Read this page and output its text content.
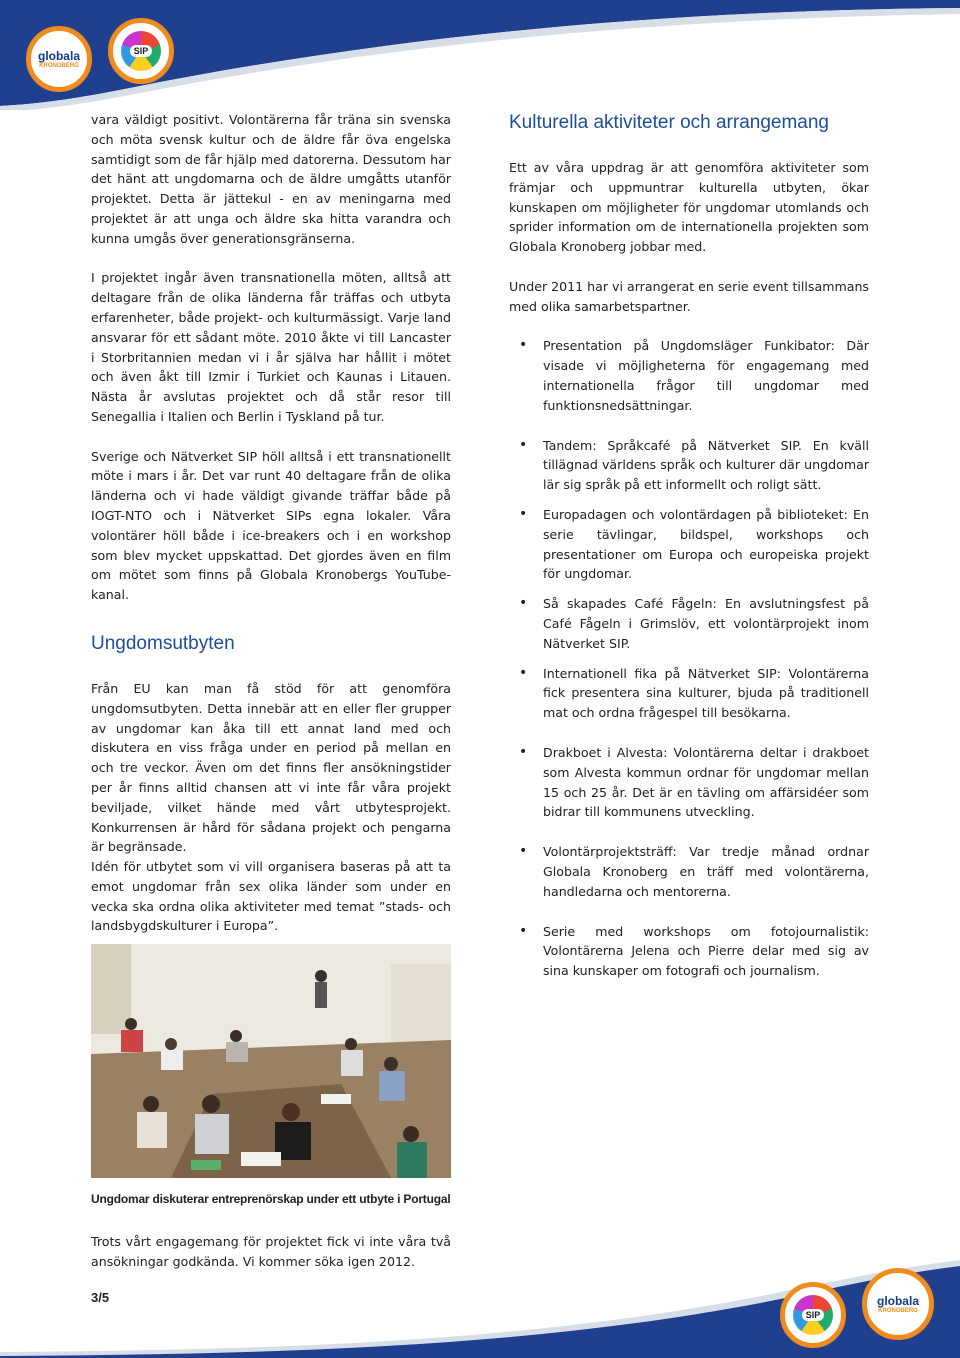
globala
KRONOBERG
SIP

vara väldigt positivt. Volontärerna får träna sin svenska och möta svensk kultur och de äldre får öva engelska samtidigt som de får hjälp med datorerna. Dessutom har det hänt att ungdomarna och de äldre umgåtts utanför projektet. Detta är jättekul - en av meningarna med projektet är att unga och äldre ska hitta varandra och kunna umgås över generationsgränserna.

I projektet ingår även transnationella möten, alltså att deltagare från de olika länderna får träffas och utbyta erfarenheter, både projekt- och kulturmässigt. Varje land ansvarar för ett sådant möte. 2010 åkte vi till Lancaster i Storbritannien medan vi i år själva har hållit i mötet och även åkt till Izmir i Turkiet och Kaunas i Litauen. Nästa år avslutas projektet och då står resor till Senegallia i Italien och Berlin i Tyskland på tur.

Sverige och Nätverket SIP höll alltså i ett transnationellt möte i mars i år. Det var runt 40 deltagare från de olika länderna och vi hade väldigt givande träffar både på IOGT-NTO och i Nätverket SIPs egna lokaler. Våra volontärer höll både i ice-breakers och i en workshop som blev mycket uppskattad. Det gjordes även en film om mötet som finns på Globala Kronobergs YouTube-kanal.

Ungdomsutbyten

Från EU kan man få stöd för att genomföra ungdomsutbyten. Detta innebär att en eller fler grupper av ungdomar kan åka till ett annat land med och diskutera en viss fråga under en period på mellan en och tre veckor. Även om det finns fler ansökningstider per år finns alltid chansen att vi inte får våra projekt beviljade, vilket hände med vårt utbytesprojekt. Konkurrensen är hård för sådana projekt och pengarna är begränsade.

Idén för utbytet som vi vill organisera baseras på att ta emot ungdomar från sex olika länder som under en vecka ska ordna olika aktiviteter med temat ”stads- och landsbygdskulturer i Europa”.

Ungdomar diskuterar entreprenörskap under ett utbyte i Portugal

Trots vårt engagemang för projektet fick vi inte våra två ansökningar godkända. Vi kommer söka igen 2012.

Kulturella aktiviteter och arrangemang

Ett av våra uppdrag är att genomföra aktiviteter som främjar och uppmuntrar kulturella utbyten, ökar kunskapen om möjligheter för ungdomar utomlands och sprider information om de internationella projekten som Globala Kronoberg jobbar med.

Under 2011 har vi arrangerat en serie event tillsammans med olika samarbetspartner.

• Presentation på Ungdomsläger Funkibator: Där visade vi möjligheterna för engagemang med internationella frågor till ungdomar med funktionsnedsättningar.
• Tandem: Språkcafé på Nätverket SIP. En kväll tillägnad världens språk och kulturer där ungdomar lär sig språk på ett informellt och roligt sätt.
• Europadagen och volontärdagen på biblioteket: En serie tävlingar, bildspel, workshops och presentationer om Europa och europeiska projekt för ungdomar.
• Så skapades Café Fågeln: En avslutningsfest på Café Fågeln i Grimslöv, ett volontärprojekt inom Nätverket SIP.
• Internationell fika på Nätverket SIP: Volontärerna fick presentera sina kulturer, bjuda på traditionell mat och ordna frågespel till besökarna.
• Drakboet i Alvesta: Volontärerna deltar i drakboet som Alvesta kommun ordnar för ungdomar mellan 15 och 25 år. Det är en tävling om affärsidéer som bidrar till kommunens utveckling.
• Volontärprojektsträff: Var tredje månad ordnar Globala Kronoberg en träff med volontärerna, handledarna och mentorerna.
• Serie med workshops om fotojournalistik: Volontärerna Jelena och Pierre delar med sig av sina kunskaper om fotografi och journalism.
3/5
SIP
globala
KRONOBERG
